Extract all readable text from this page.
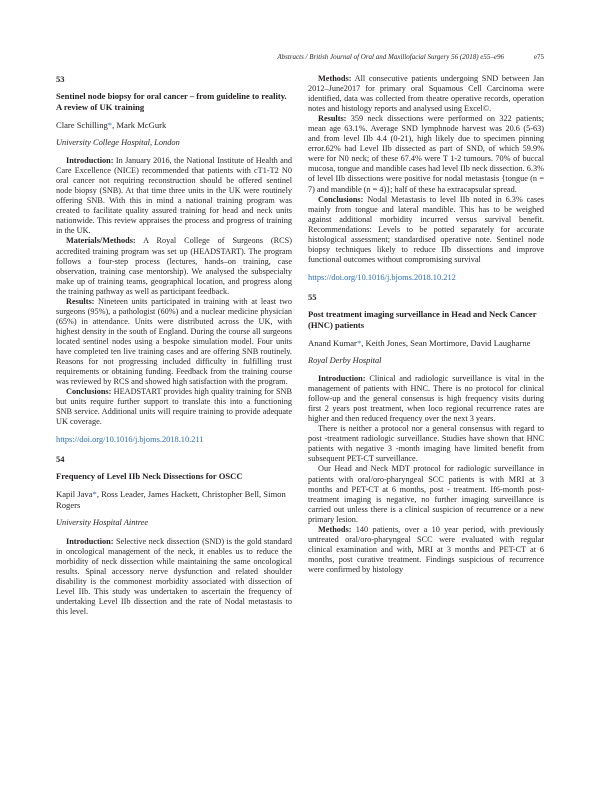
Abstracts / British Journal of Oral and Maxillofacial Surgery 56 (2018) e55–e96	e75
53
Sentinel node biopsy for oral cancer – from guideline to reality. A review of UK training
Clare Schilling*, Mark McGurk
University College Hospital, London

Introduction: In January 2016, the National Institute of Health and Care Excellence (NICE) recommended that patients with cT1-T2 N0 oral cancer not requiring reconstruction should be offered sentinel node biopsy (SNB). At that time three units in the UK were routinely offering SNB. With this in mind a national training program was created to facilitate quality assured training for head and neck units nationwide. This review appraises the process and progress of training in the UK.

Materials/Methods: A Royal College of Surgeons (RCS) accredited training program was set up (HEADSTART). The program follows a four-step process (lectures, hands–on training, case observation, training case mentorship). We analysed the subspecialty make up of training teams, geographical location, and progress along the training pathway as well as participant feedback.

Results: Nineteen units participated in training with at least two surgeons (95%), a pathologist (60%) and a nuclear medicine physician (65%) in attendance. Units were distributed across the UK, with highest density in the south of England. During the course all surgeons located sentinel nodes using a bespoke simulation model. Four units have completed ten live training cases and are offering SNB routinely. Reasons for not progressing included difficulty in fulfilling trust requirements or obtaining funding. Feedback from the training course was reviewed by RCS and showed high satisfaction with the program.

Conclusions: HEADSTART provides high quality training for SNB but units require further support to translate this into a functioning SNB service. Additional units will require training to provide adequate UK coverage.

https://doi.org/10.1016/j.bjoms.2018.10.211

54
Frequency of Level IIb Neck Dissections for OSCC
Kapil Java*, Ross Leader, James Hackett, Christopher Bell, Simon Rogers
University Hospital Aintree

Introduction: Selective neck dissection (SND) is the gold standard in oncological management of the neck, it enables us to reduce the morbidity of neck dissection while maintaining the same oncological results. Spinal accessory nerve dysfunction and related shoulder disability is the commonest morbidity associated with dissection of Level IIb. This study was undertaken to ascertain the frequency of undertaking Level IIb dissection and the rate of Nodal metastasis to this level.

Methods: All consecutive patients undergoing SND between Jan 2012–June2017 for primary oral Squamous Cell Carcinoma were identified, data was collected from theatre operative records, operation notes and histology reports and analysed using Excel©.

Results: 359 neck dissections were performed on 322 patients; mean age 63.1%. Average SND lymphnode harvest was 20.6 (5-63) and from level IIb 4.4 (0-21), high likely due to specimen pinning error.62% had Level IIb dissected as part of SND, of which 59.9% were for N0 neck; of these 67.4% were T 1-2 tumours. 70% of buccal mucosa, tongue and mandible cases had level IIb neck dissection. 6.3% of level IIb dissections were positive for nodal metastasis {tongue (n = 7) and mandible (n = 4)}; half of these ha extracapsular spread.

Conclusions: Nodal Metastasis to level IIb noted in 6.3% cases mainly from tongue and lateral mandible. This has to be weighed against additional morbidity incurred versus survival benefit. Recommendations: Levels to be potted separately for accurate histological assessment; standardised operative note. Sentinel node biopsy techniques likely to reduce IIb dissections and improve functional outcomes without compromising survival

https://doi.org/10.1016/j.bjoms.2018.10.212

55
Post treatment imaging surveillance in Head and Neck Cancer (HNC) patients
Anand Kumar*, Keith Jones, Sean Mortimore, David Laugharne
Royal Derby Hospital

Introduction: Clinical and radiologic surveillance is vital in the management of patients with HNC. There is no protocol for clinical follow-up and the general consensus is high frequency visits during first 2 years post treatment, when loco regional recurrence rates are higher and then reduced frequency over the next 3 years.

There is neither a protocol nor a general consensus with regard to post -treatment radiologic surveillance. Studies have shown that HNC patients with negative 3 -month imaging have limited benefit from subsequent PET-CT surveillance.

Our Head and Neck MDT protocol for radiologic surveillance in patients with oral/oro-pharyngeal SCC patients is with MRI at 3 months and PET-CT at 6 months, post - treatment. If6-month post-treatment imaging is negative, no further imaging surveillance is carried out unless there is a clinical suspicion of recurrence or a new primary lesion.

Methods: 140 patients, over a 10 year period, with previously untreated oral/oro-pharyngeal SCC were evaluated with regular clinical examination and with, MRI at 3 months and PET-CT at 6 months, post curative treatment. Findings suspicious of recurrence were confirmed by histology
